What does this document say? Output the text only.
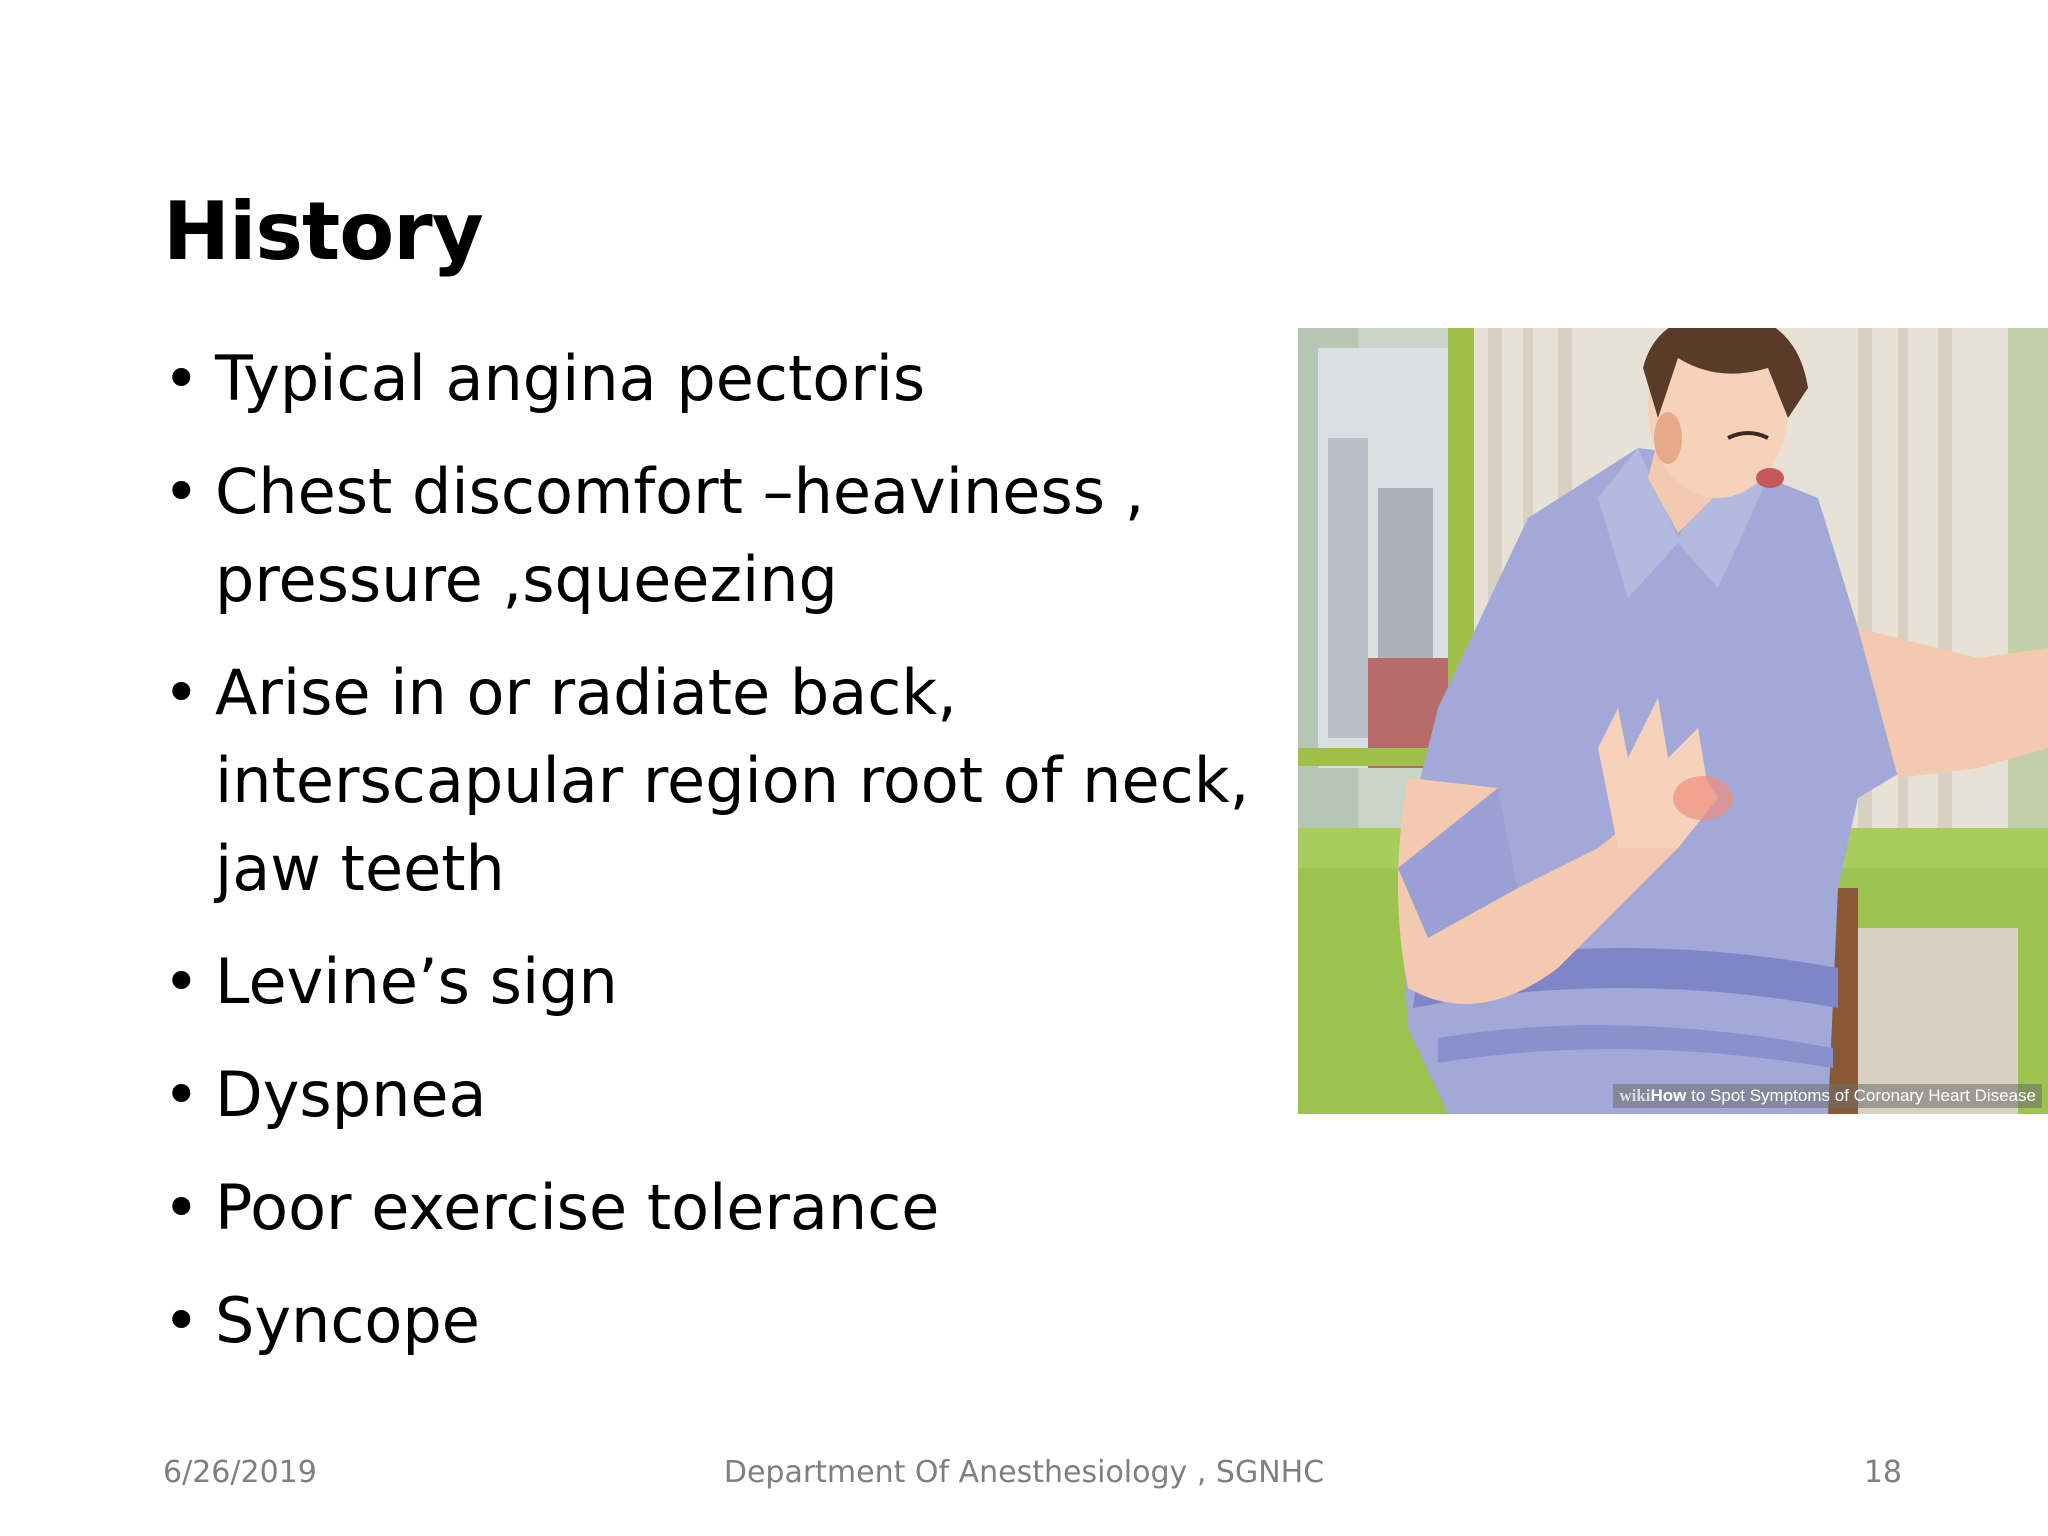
History
• Typical angina pectoris
• Chest discomfort –heaviness , pressure ,squeezing
• Arise in or radiate back, interscapular region root of neck, jaw teeth
• Levine’s sign
• Dyspnea
• Poor exercise tolerance
• Syncope
wikiHow to Spot Symptoms of Coronary Heart Disease
6/26/2019	Department Of Anesthesiology , SGNHC	18
